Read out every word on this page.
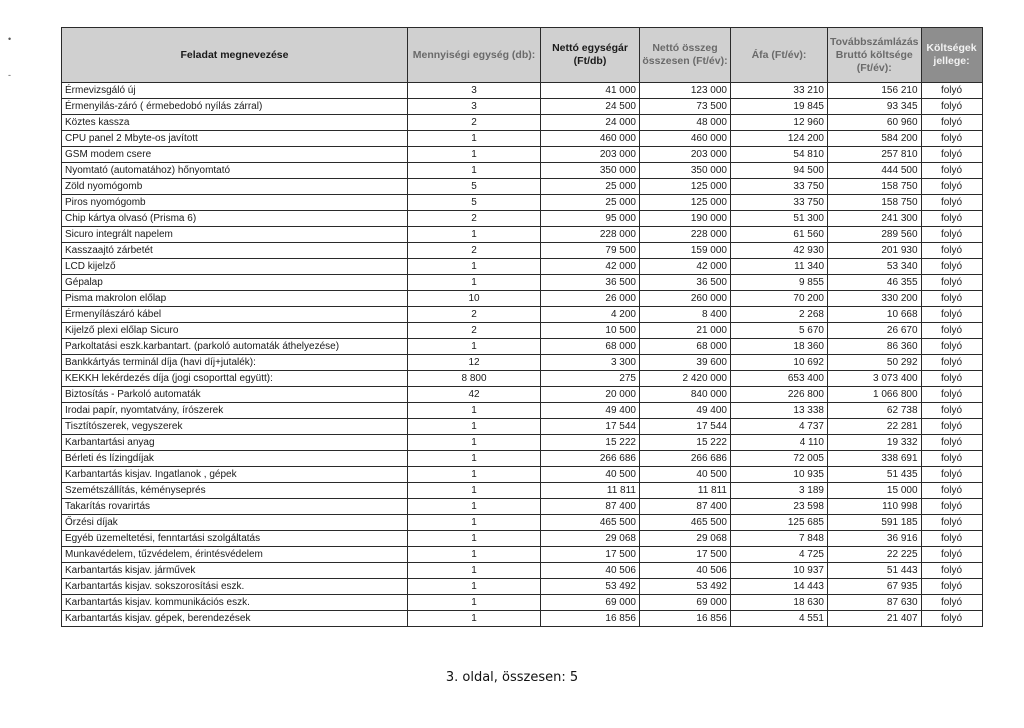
•
-
Feladat megnevezése	Mennyiségi egység (db):	Nettó egységár (Ft/db)	Nettó összeg összesen (Ft/év):	Áfa (Ft/év):	Továbbszámlázás Bruttó költsége (Ft/év):	Költségek jellege:
Érmevizsgáló új	3	41 000	123 000	33 210	156 210	folyó
Érmenyilás-záró ( érmebedobó nyílás zárral)	3	24 500	73 500	19 845	93 345	folyó
Köztes kassza	2	24 000	48 000	12 960	60 960	folyó
CPU panel 2 Mbyte-os javított	1	460 000	460 000	124 200	584 200	folyó
GSM modem csere	1	203 000	203 000	54 810	257 810	folyó
Nyomtató (automatához) hőnyomtató	1	350 000	350 000	94 500	444 500	folyó
Zöld nyomógomb	5	25 000	125 000	33 750	158 750	folyó
Piros nyomógomb	5	25 000	125 000	33 750	158 750	folyó
Chip kártya olvasó (Prisma 6)	2	95 000	190 000	51 300	241 300	folyó
Sicuro integrált napelem	1	228 000	228 000	61 560	289 560	folyó
Kasszaajtó zárbetét	2	79 500	159 000	42 930	201 930	folyó
LCD kijelző	1	42 000	42 000	11 340	53 340	folyó
Gépalap	1	36 500	36 500	9 855	46 355	folyó
Pisma makrolon előlap	10	26 000	260 000	70 200	330 200	folyó
Érmenyílászáró kábel	2	4 200	8 400	2 268	10 668	folyó
Kijelző plexi előlap Sicuro	2	10 500	21 000	5 670	26 670	folyó
Parkoltatási eszk.karbantart. (parkoló automaták áthelyezése)	1	68 000	68 000	18 360	86 360	folyó
Bankkártyás terminál díja (havi díj+jutalék):	12	3 300	39 600	10 692	50 292	folyó
KEKKH lekérdezés díja (jogi csoporttal együtt):	8 800	275	2 420 000	653 400	3 073 400	folyó
Biztosítás - Parkoló automaták	42	20 000	840 000	226 800	1 066 800	folyó
Irodai papír, nyomtatvány, írószerek	1	49 400	49 400	13 338	62 738	folyó
Tisztítószerek, vegyszerek	1	17 544	17 544	4 737	22 281	folyó
Karbantartási anyag	1	15 222	15 222	4 110	19 332	folyó
Bérleti és lízingdíjak	1	266 686	266 686	72 005	338 691	folyó
Karbantartás kisjav. Ingatlanok , gépek	1	40 500	40 500	10 935	51 435	folyó
Szemétszállítás, kéményseprés	1	11 811	11 811	3 189	15 000	folyó
Takarítás rovarirtás	1	87 400	87 400	23 598	110 998	folyó
Őrzési díjak	1	465 500	465 500	125 685	591 185	folyó
Egyéb üzemeltetési, fenntartási szolgáltatás	1	29 068	29 068	7 848	36 916	folyó
Munkavédelem, tűzvédelem, érintésvédelem	1	17 500	17 500	4 725	22 225	folyó
Karbantartás kisjav. járművek	1	40 506	40 506	10 937	51 443	folyó
Karbantartás kisjav. sokszorosítási eszk.	1	53 492	53 492	14 443	67 935	folyó
Karbantartás kisjav. kommunikációs eszk.	1	69 000	69 000	18 630	87 630	folyó
Karbantartás kisjav. gépek, berendezések	1	16 856	16 856	4 551	21 407	folyó
3. oldal, összesen: 5
